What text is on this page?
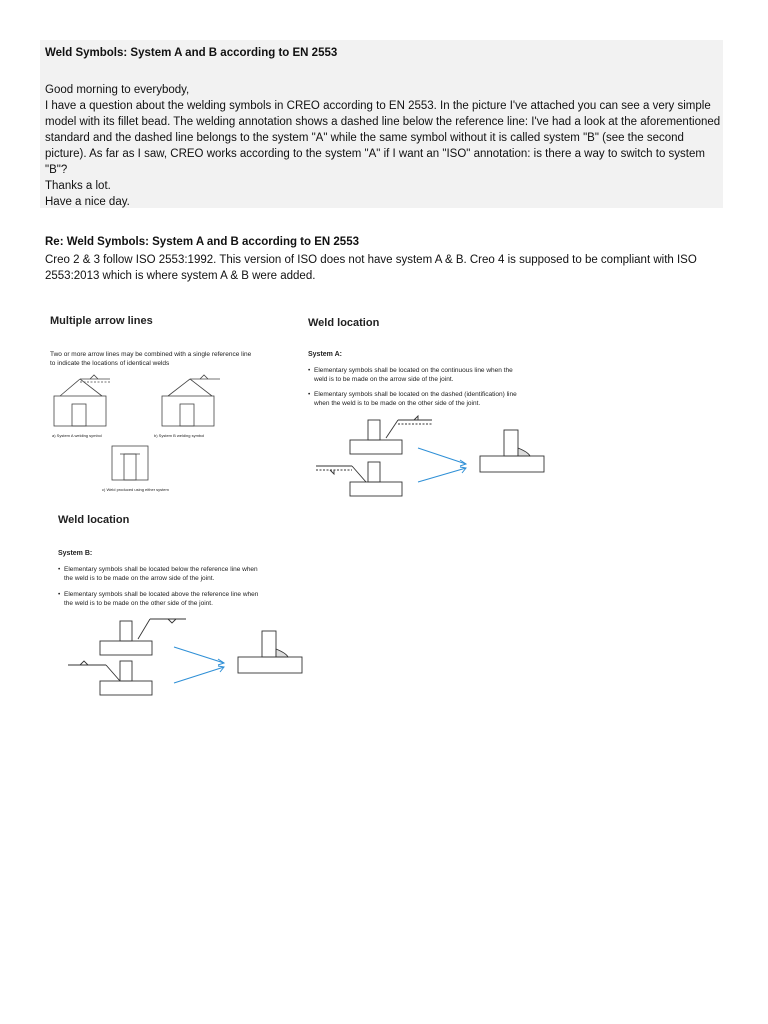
Weld Symbols: System A and B according to EN 2553

Good morning to everybody,

I have a question about the welding symbols in CREO according to EN 2553. In the picture I've attached you can see a very simple model with its fillet bead. The welding annotation shows a dashed line below the reference line: I've had a look at the aforementioned standard and the dashed line belongs to the system "A" while the same symbol without it is called system "B" (see the second picture). As far as I saw, CREO works according to the system "A" if I want an "ISO" annotation: is there a way to switch to system "B"?

Thanks a lot.

Have a nice day.

Re: Weld Symbols: System A and B according to EN 2553
Creo 2 & 3 follow ISO 2553:1992. This version of ISO does not have system A & B. Creo 4 is supposed to be compliant with ISO 2553:2013 which is where system A & B were added.
Multiple arrow lines
Two or more arrow lines may be combined with a single reference line
to indicate the locations of identical welds
a) System A welding symbol	b) System B welding symbol
c) Weld produced using either system
Weld location
System A:
• Elementary symbols shall be located on the continuous line when the
weld is to be made on the arrow side of the joint.
• Elementary symbols shall be located on the dashed (identification) line
when the weld is to be made on the other side of the joint.
Weld location
System B:
• Elementary symbols shall be located below the reference line when
the weld is to be made on the arrow side of the joint.
• Elementary symbols shall be located above the reference line when
the weld is to be made on the other side of the joint.
